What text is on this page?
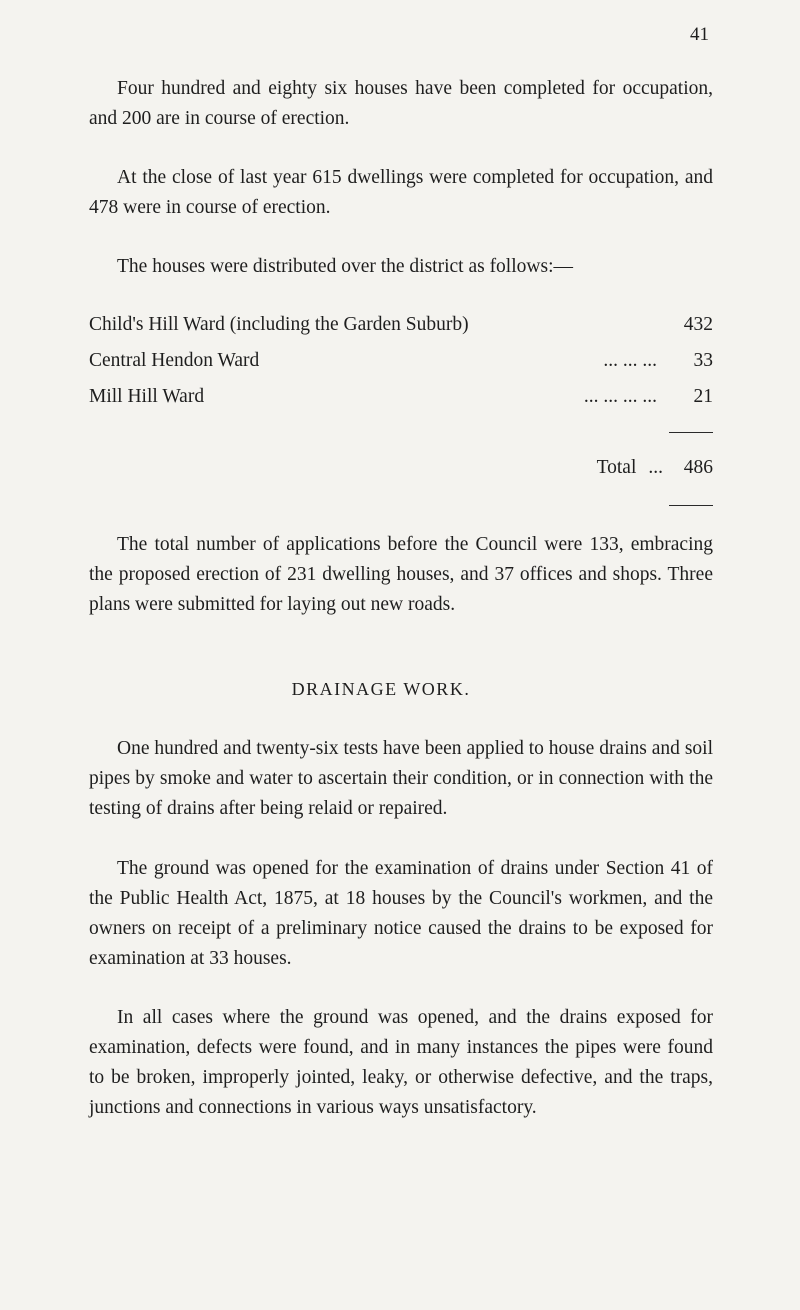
41

Four hundred and eighty six houses have been completed for occupation, and 200 are in course of erection.

At the close of last year 615 dwellings were completed for occupation, and 478 were in course of erection.

The houses were distributed over the district as follows:—

Child's Hill Ward (including the Garden Suburb)	432
Central Hendon Ward	... ... ...	33
Mill Hill Ward	... ... ... ...	21
Total ...	486

The total number of applications before the Council were 133, embracing the proposed erection of 231 dwelling houses, and 37 offices and shops. Three plans were submitted for laying out new roads.

DRAINAGE WORK.

One hundred and twenty-six tests have been applied to house drains and soil pipes by smoke and water to ascertain their condition, or in connection with the testing of drains after being relaid or repaired.

The ground was opened for the examination of drains under Section 41 of the Public Health Act, 1875, at 18 houses by the Council's workmen, and the owners on receipt of a preliminary notice caused the drains to be exposed for examination at 33 houses.

In all cases where the ground was opened, and the drains exposed for examination, defects were found, and in many instances the pipes were found to be broken, improperly jointed, leaky, or otherwise defective, and the traps, junctions and connections in various ways unsatisfactory.
